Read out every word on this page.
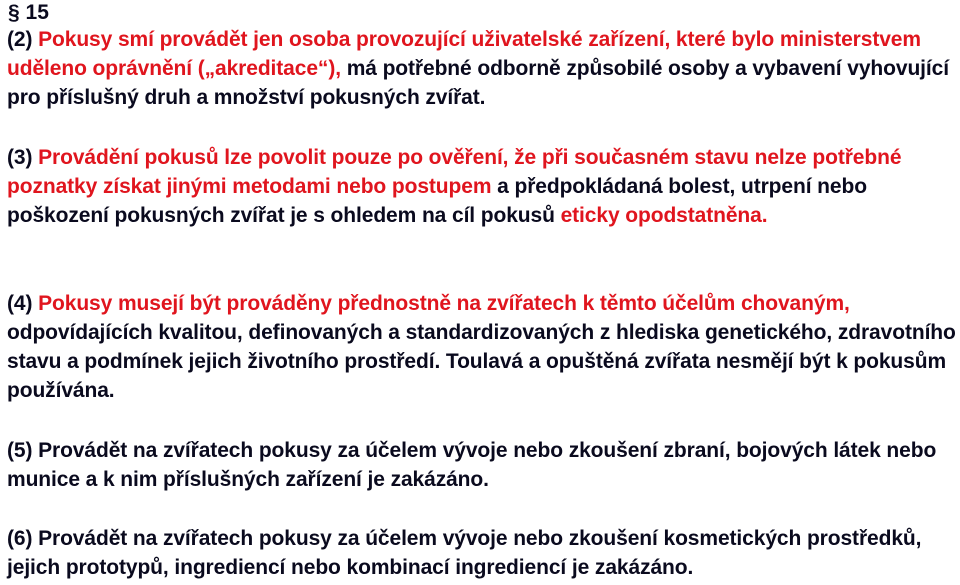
§ 15
(2) Pokusy smí provádět jen osoba provozující uživatelské zařízení, které bylo ministerstvem uděleno oprávnění („akreditace“), má potřebné odborně způsobilé osoby a vybavení vyhovující pro příslušný druh a množství pokusných zvířat.
(3) Provádění pokusů lze povolit pouze po ověření, že při současném stavu nelze potřebné poznatky získat jinými metodami nebo postupem a předpokládaná bolest, utrpení nebo poškození pokusných zvířat je s ohledem na cíl pokusů eticky opodstatněna.
(4) Pokusy musejí být prováděny přednostně na zvířatech k těmto účelům chovaným, odpovídajících kvalitou, definovaných a standardizovaných z hlediska genetického, zdravotního stavu a podmínek jejich životního prostředí. Toulavá a opuštěná zvířata nesmějí být k pokusům používána.
(5) Provádět na zvířatech pokusy za účelem vývoje nebo zkoušení zbraní, bojových látek nebo munice a k nim příslušných zařízení je zakázáno.
(6) Provádět na zvířatech pokusy za účelem vývoje nebo zkoušení kosmetických prostředků, jejich prototypů, ingrediencí nebo kombinací ingrediencí je zakázáno.
